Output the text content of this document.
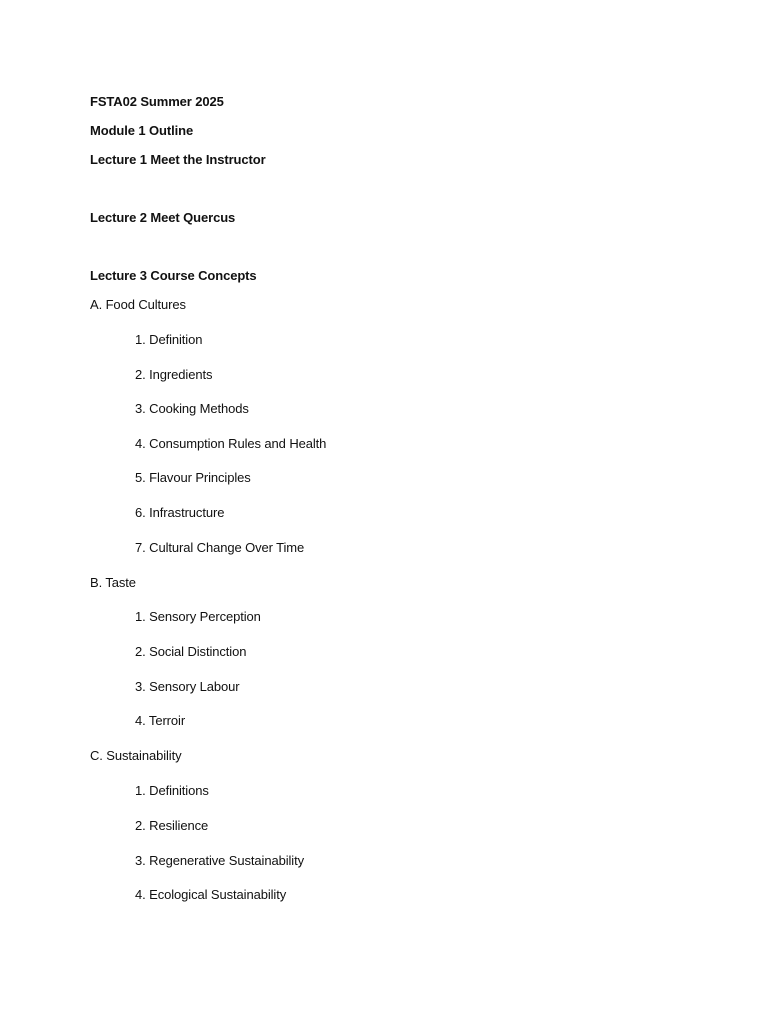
FSTA02 Summer 2025
Module 1 Outline
Lecture 1 Meet the Instructor
Lecture 2 Meet Quercus
Lecture 3 Course Concepts
A. Food Cultures
1. Definition
2. Ingredients
3. Cooking Methods
4. Consumption Rules and Health
5. Flavour Principles
6. Infrastructure
7. Cultural Change Over Time
B. Taste
1. Sensory Perception
2. Social Distinction
3. Sensory Labour
4. Terroir
C. Sustainability
1. Definitions
2. Resilience
3. Regenerative Sustainability
4. Ecological Sustainability
